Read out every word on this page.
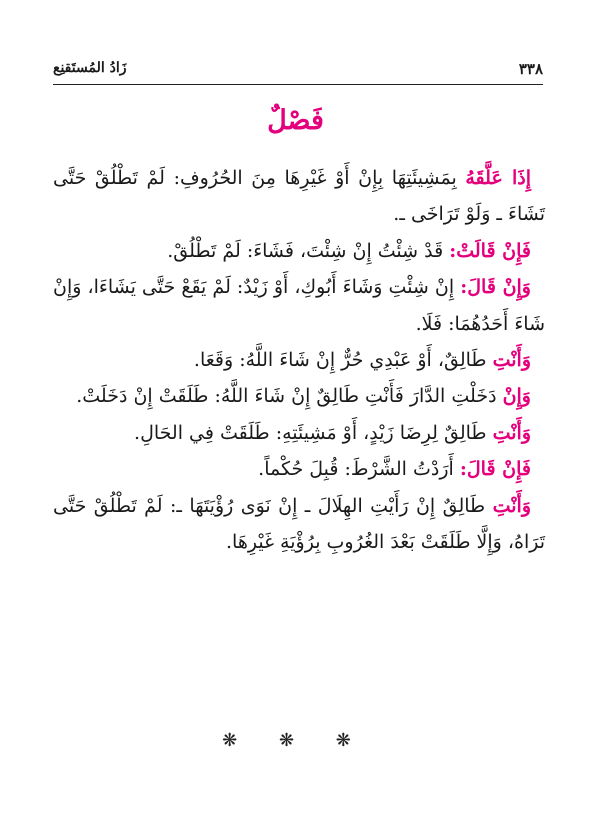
٣٣٨
زَادُ المُستَقنِع
فَصْلٌ

إِذَا عَلَّقَهُ بِمَشِيئَتِهَا بِإِنْ أَوْ غَيْرِهَا مِنَ الحُرُوفِ: لَمْ تَطْلُقْ حَتَّى تَشَاءَ ـ وَلَوْ تَرَاخَى ـ.

فَإِنْ قَالَتْ: قَدْ شِئْتُ إِنْ شِئْتَ، فَشَاءَ: لَمْ تَطْلُقْ.

وَإِنْ قَالَ: إِنْ شِئْتِ وَشَاءَ أَبُوكِ، أَوْ زَيْدٌ: لَمْ يَقَعْ حَتَّى يَشَاءَا، وَإِنْ شَاءَ أَحَدُهُمَا: فَلَا.

وَأَنْتِ طَالِقٌ، أَوْ عَبْدِي حُرٌّ إِنْ شَاءَ اللَّهُ: وَقَعَا.

وَإِنْ دَخَلْتِ الدَّارَ فَأَنْتِ طَالِقٌ إِنْ شَاءَ اللَّهُ: طَلَقَتْ إِنْ دَخَلَتْ.

وَأَنْتِ طَالِقٌ لِرِضَا زَيْدٍ، أَوْ مَشِيئَتِهِ: طَلَقَتْ فِي الحَالِ.

فَإِنْ قَالَ: أَرَدْتُ الشَّرْطَ: قُبِلَ حُكْماً.

وَأَنْتِ طَالِقٌ إِنْ رَأَيْتِ الهِلَالَ ـ إِنْ نَوَى رُؤْيَتَهَا ـ: لَمْ تَطْلُقْ حَتَّى تَرَاهُ، وَإِلَّا طَلَقَتْ بَعْدَ الغُرُوبِ بِرُؤْيَةِ غَيْرِهَا.

❋ ❋ ❋
